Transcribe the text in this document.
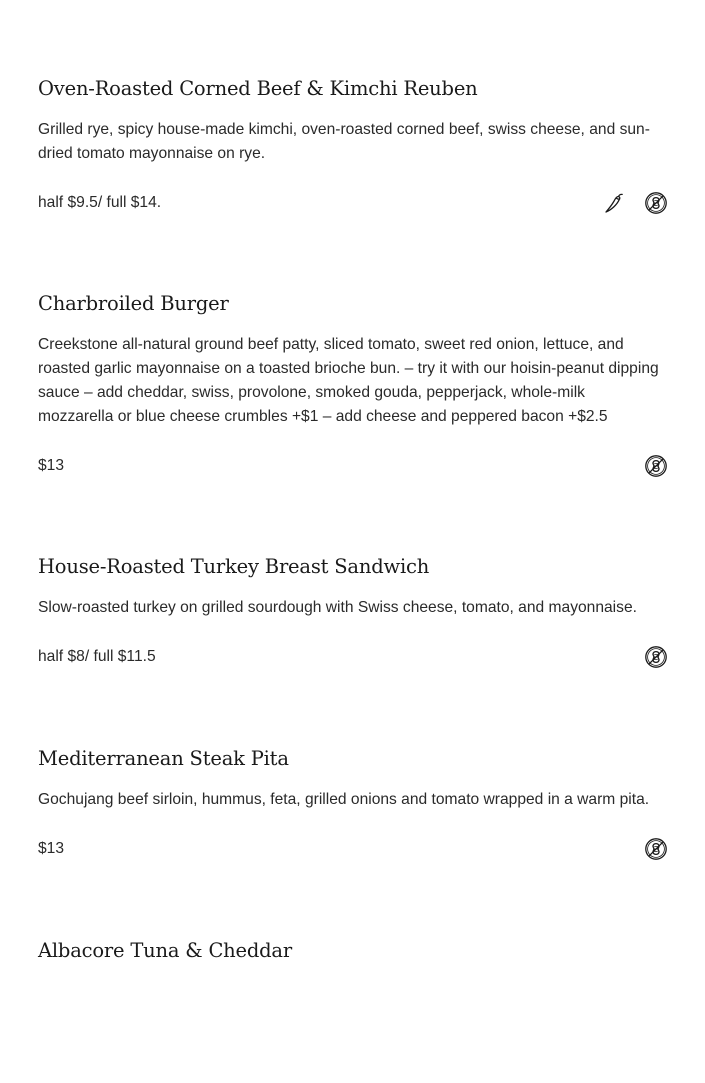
Oven-Roasted Corned Beef & Kimchi Reuben

Grilled rye, spicy house-made kimchi, oven-roasted corned beef, swiss cheese, and sun-dried tomato mayonnaise on rye.

half $9.5/ full $14.
Charbroiled Burger

Creekstone all-natural ground beef patty, sliced tomato, sweet red onion, lettuce, and roasted garlic mayonnaise on a toasted brioche bun. – try it with our hoisin-peanut dipping sauce – add cheddar, swiss, provolone, smoked gouda, pepperjack, whole-milk mozzarella or blue cheese crumbles +$1 – add cheese and peppered bacon +$2.5

$13
House-Roasted Turkey Breast Sandwich

Slow-roasted turkey on grilled sourdough with Swiss cheese, tomato, and mayonnaise.

half $8/ full $11.5
Mediterranean Steak Pita

Gochujang beef sirloin, hummus, feta, grilled onions and tomato wrapped in a warm pita.

$13
Albacore Tuna & Cheddar
